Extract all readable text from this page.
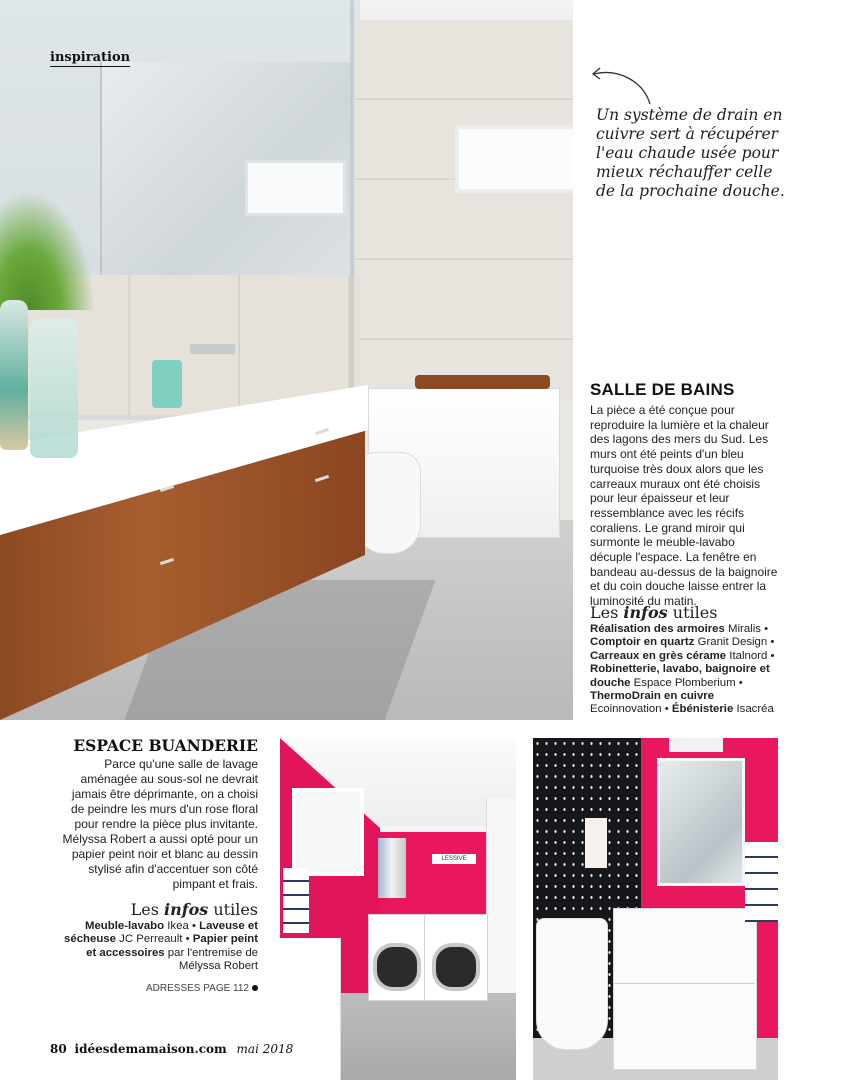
inspiration
Un système de drain en cuivre sert à récupérer l'eau chaude usée pour mieux réchauffer celle de la prochaine douche.
SALLE DE BAINS
La pièce a été conçue pour reproduire la lumière et la chaleur des lagons des mers du Sud. Les murs ont été peints d'un bleu turquoise très doux alors que les carreaux muraux ont été choisis pour leur épaisseur et leur ressemblance avec les récifs coraliens. Le grand miroir qui surmonte le meuble-lavabo décuple l'espace. La fenêtre en bandeau au-dessus de la baignoire et du coin douche laisse entrer la luminosité du matin.
Les infos utiles
Réalisation des armoires Miralis • Comptoir en quartz Granit Design • Carreaux en grès cérame Italnord • Robinetterie, lavabo, baignoire et douche Espace Plomberium • ThermoDrain en cuivre Ecoinnovation • Ébénisterie Isacréa
ESPACE BUANDERIE
Parce qu'une salle de lavage aménagée au sous-sol ne devrait jamais être déprimante, on a choisi de peindre les murs d'un rose floral pour rendre la pièce plus invitante. Mélyssa Robert a aussi opté pour un papier peint noir et blanc au dessin stylisé afin d'accentuer son côté pimpant et frais.
Les infos utiles
Meuble-lavabo Ikea • Laveuse et sécheuse JC Perreault • Papier peint et accessoires par l'entremise de Mélyssa Robert
ADRESSES PAGE 112
LESSIVE
80 idéesdemamaison.com mai 2018
